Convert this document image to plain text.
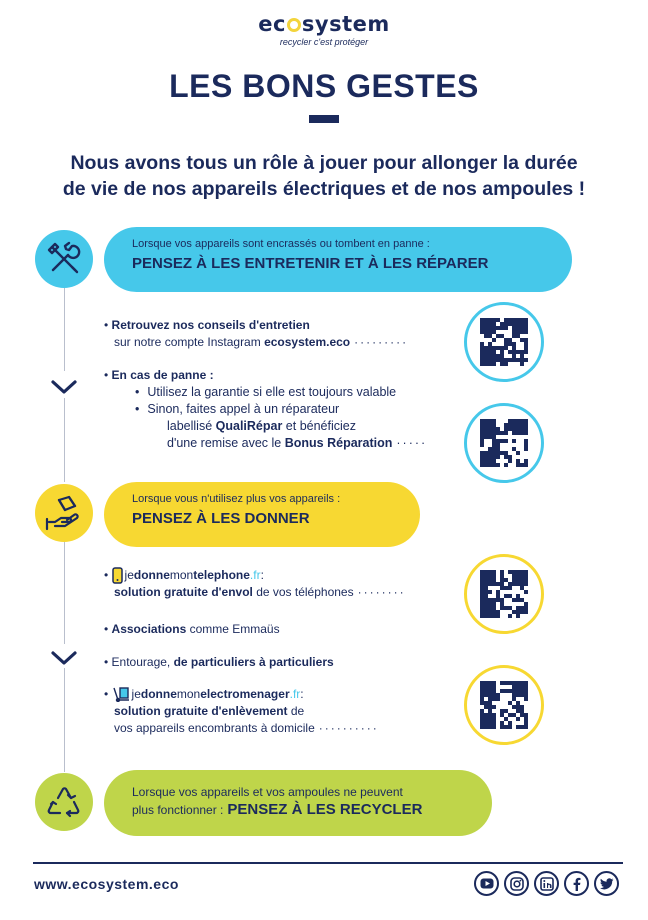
ec system
recycler c'est protéger
LES BONS GESTES
Nous avons tous un rôle à jouer pour allonger la durée
de vie de nos appareils électriques et de nos ampoules !
Lorsque vos appareils sont encrassés ou tombent en panne :
PENSEZ À LES ENTRETENIR ET À LES RÉPARER
• Retrouvez nos conseils d'entretien
sur notre compte Instagram ecosystem.eco ·········
• En cas de panne :
• Utilisez la garantie si elle est toujours valable
• Sinon, faites appel à un réparateur
labellisé QualiRépar et bénéficiez
d'une remise avec le Bonus Réparation ·····
Lorsque vous n'utilisez plus vos appareils :
PENSEZ À LES DONNER
• jedonnemontelephone.fr :
solution gratuite d'envol de vos téléphones ········
• Associations comme Emmaüs
• Entourage, de particuliers à particuliers
• jedonnemonelectromenager.fr :
solution gratuite d'enlèvement de
vos appareils encombrants à domicile ··········
Lorsque vos appareils et vos ampoules ne peuvent
plus fonctionner : PENSEZ À LES RECYCLER
www.ecosystem.eco
